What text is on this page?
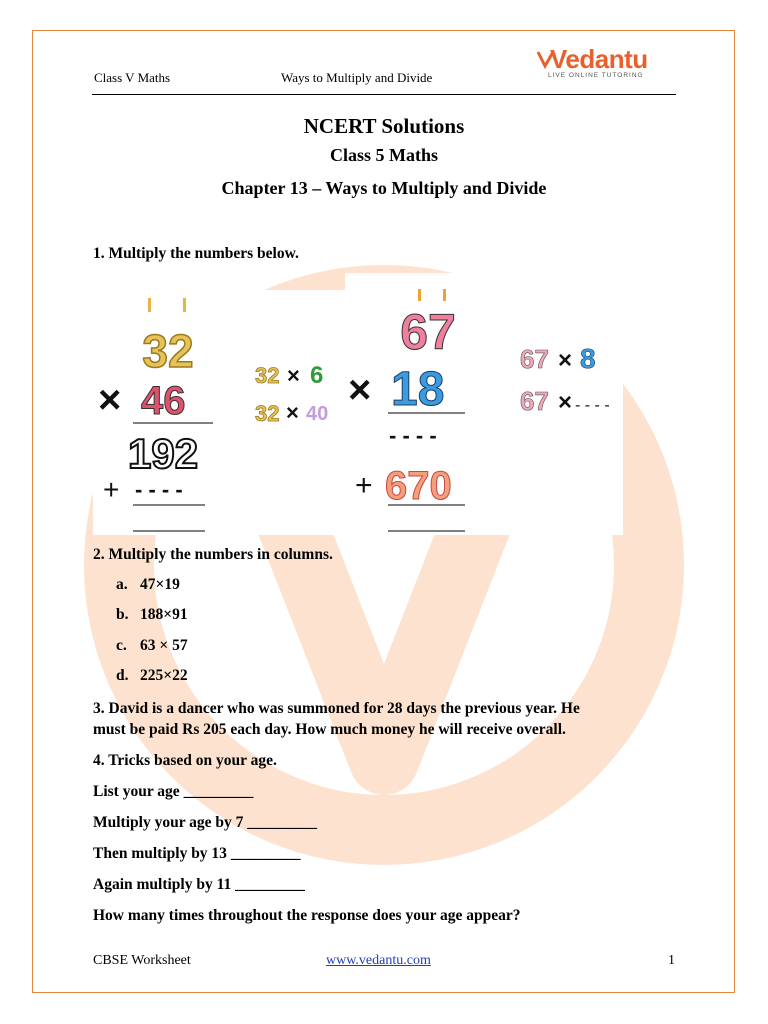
Class V Maths	Ways to Multiply and Divide
Vedantu
LIVE ONLINE TUTORING
NCERT Solutions
Class 5 Maths
Chapter 13 – Ways to Multiply and Divide
1. Multiply the numbers below.
32
× 46
192
+ - - - -
32 × 6
32 × 40
67
× 18
- - - -
+ 670
67 × 8
67 × - - - -
2. Multiply the numbers in columns.
a. 47×19
b. 188×91
c. 63 × 57
d. 225×22
3. David is a dancer who was summoned for 28 days the previous year. He
must be paid Rs 205 each day. How much money he will receive overall.
4. Tricks based on your age.
List your age _________
Multiply your age by 7 _________
Then multiply by 13 _________
Again multiply by 11 _________
How many times throughout the response does your age appear?
CBSE Worksheet	www.vedantu.com	1
